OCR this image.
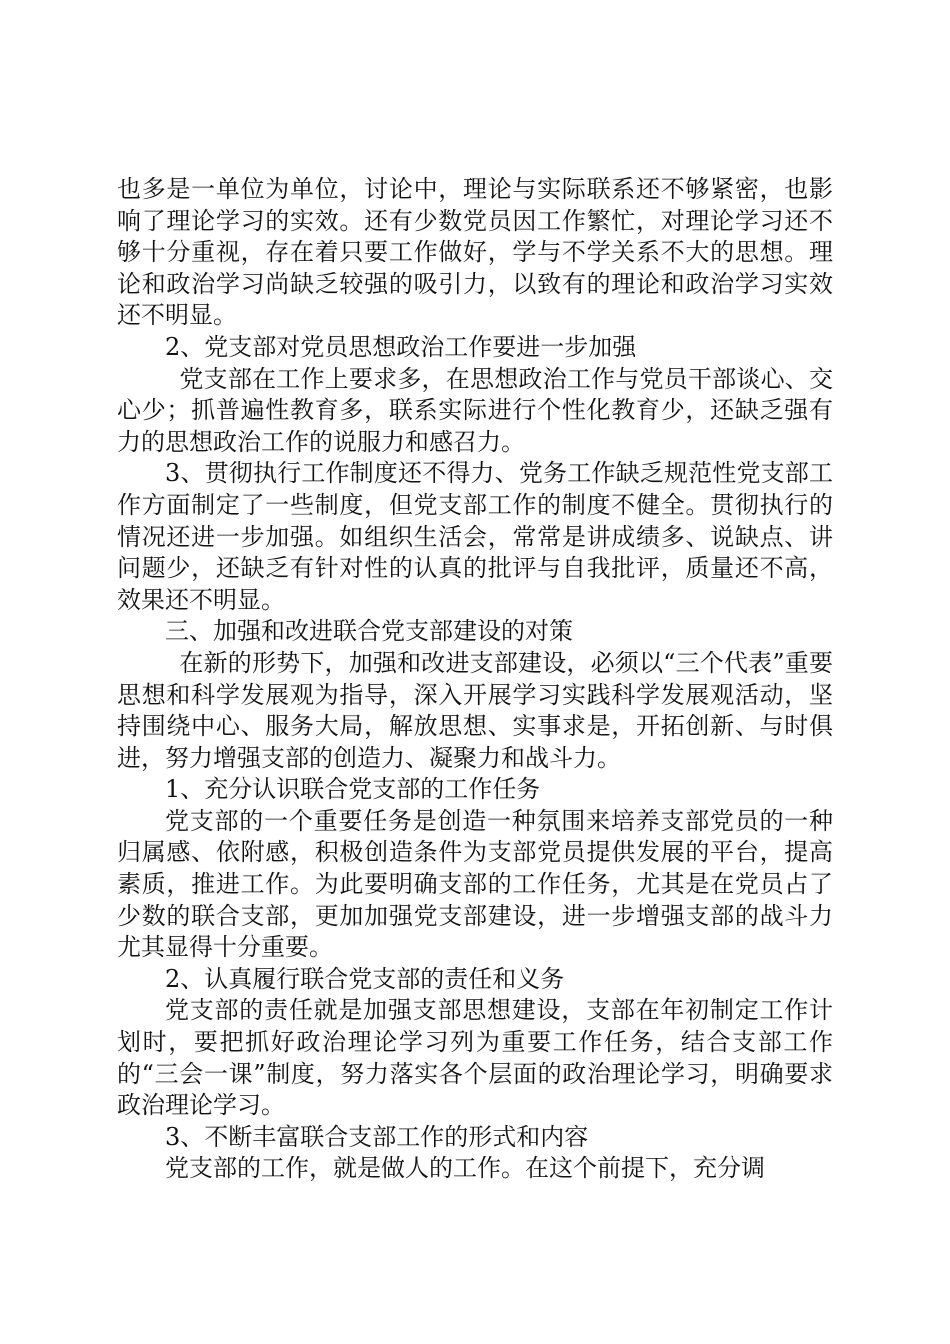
也多是一单位为单位，讨论中，理论与实际联系还不够紧密，也影响了理论学习的实效。还有少数党员因工作繁忙，对理论学习还不够十分重视，存在着只要工作做好，学与不学关系不大的思想。理论和政治学习尚缺乏较强的吸引力，以致有的理论和政治学习实效还不明显。

2、党支部对党员思想政治工作要进一步加强

党支部在工作上要求多，在思想政治工作与党员干部谈心、交心少；抓普遍性教育多，联系实际进行个性化教育少，还缺乏强有力的思想政治工作的说服力和感召力。

3、贯彻执行工作制度还不得力、党务工作缺乏规范性党支部工作方面制定了一些制度，但党支部工作的制度不健全。贯彻执行的情况还进一步加强。如组织生活会，常常是讲成绩多、说缺点、讲问题少，还缺乏有针对性的认真的批评与自我批评，质量还不高，效果还不明显。

三、加强和改进联合党支部建设的对策

在新的形势下，加强和改进支部建设，必须以“三个代表”重要思想和科学发展观为指导，深入开展学习实践科学发展观活动，坚持围绕中心、服务大局，解放思想、实事求是，开拓创新、与时俱进，努力增强支部的创造力、凝聚力和战斗力。

1、充分认识联合党支部的工作任务

党支部的一个重要任务是创造一种氛围来培养支部党员的一种归属感、依附感，积极创造条件为支部党员提供发展的平台，提高素质，推进工作。为此要明确支部的工作任务，尤其是在党员占了少数的联合支部，更加加强党支部建设，进一步增强支部的战斗力尤其显得十分重要。

2、认真履行联合党支部的责任和义务

党支部的责任就是加强支部思想建设，支部在年初制定工作计划时，要把抓好政治理论学习列为重要工作任务，结合支部工作的“三会一课”制度，努力落实各个层面的政治理论学习，明确要求政治理论学习。

3、不断丰富联合支部工作的形式和内容

党支部的工作，就是做人的工作。在这个前提下，充分调
